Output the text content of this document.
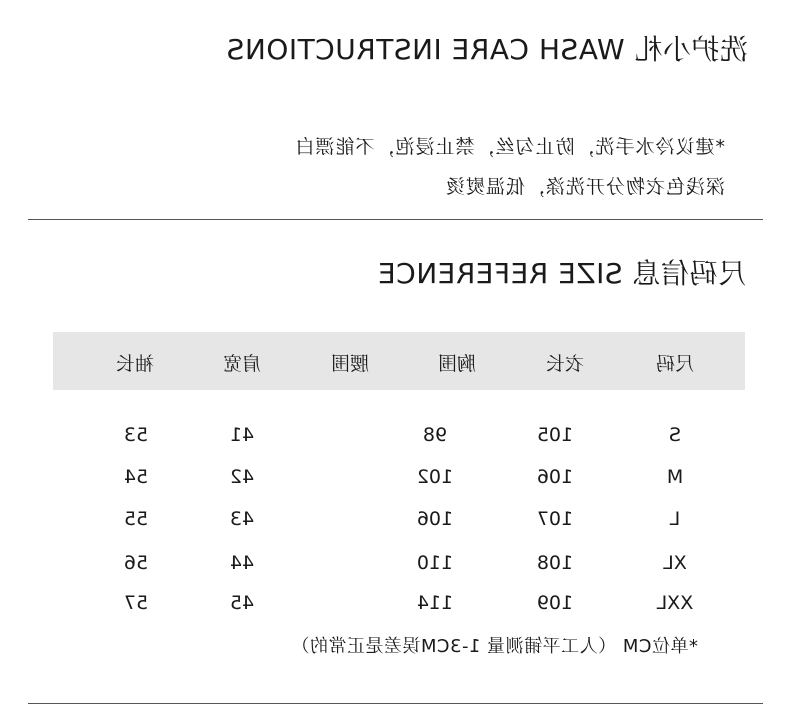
洗护小札 WASH CARE INSTRUCTIONS
*建议冷水手洗，防止勾丝，禁止浸泡，不能漂白
深浅色衣物分开洗涤，低温熨烫
尺码信息 SIZE REFERENCE
尺码
衣长
胸围
腰围
肩宽
袖长
S
105
98
41
53
M
106
102
42
54
L
107
106
43
55
XL
108
110
44
56
XXL
109
114
45
57
*单位CM （人工平铺测量 1-3CM误差是正常的）
